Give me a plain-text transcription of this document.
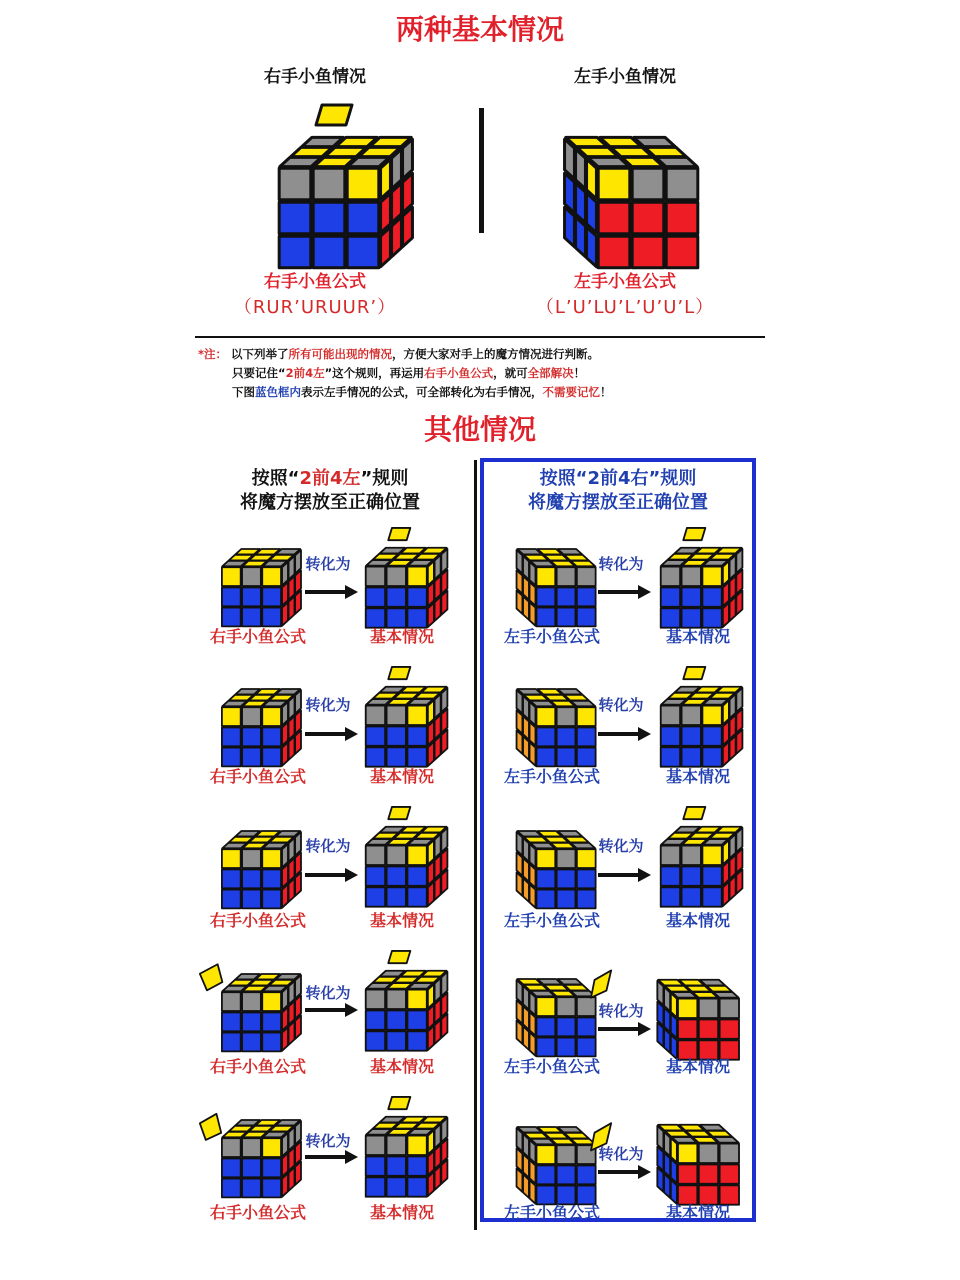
两种基本情况
右手小鱼情况	左手小鱼情况
右手小鱼公式
（RUR’URUUR’）
左手小鱼公式
（L’U’LU’L’U’U’L）
*注： 以下列举了所有可能出现的情况，方便大家对手上的魔方情况进行判断。
只要记住“2前4左”这个规则，再运用右手小鱼公式，就可全部解决！
下图蓝色框内表示左手情况的公式，可全部转化为右手情况，不需要记忆！
其他情况
按照“2前4左”规则
将魔方摆放至正确位置
按照“2前4右”规则
将魔方摆放至正确位置
转化为
右手小鱼公式	基本情况
转化为
右手小鱼公式	基本情况
转化为
右手小鱼公式	基本情况
转化为
右手小鱼公式	基本情况
转化为
右手小鱼公式	基本情况
转化为
左手小鱼公式	基本情况
转化为
左手小鱼公式	基本情况
转化为
左手小鱼公式	基本情况
转化为
左手小鱼公式	基本情况
转化为
左手小鱼公式	基本情况
